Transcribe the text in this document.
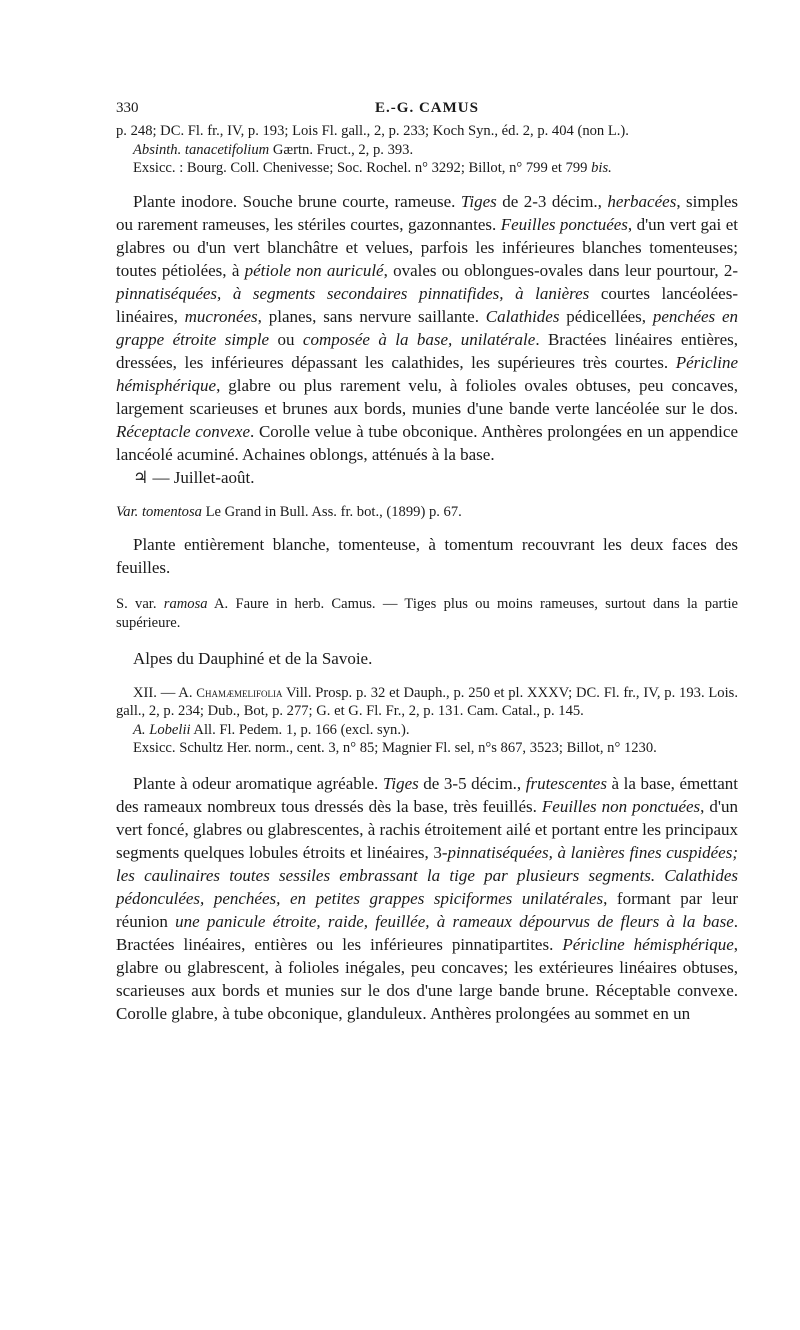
330	E.-G. CAMUS

p. 248; DC. Fl. fr., IV, p. 193; Lois Fl. gall., 2, p. 233; Koch Syn., éd. 2, p. 404 (non L.).

Absinth. tanacetifolium Gærtn. Fruct., 2, p. 393.

Exsicc. : Bourg. Coll. Chenivesse; Soc. Rochel. n° 3292; Billot, n° 799 et 799 bis.

Plante inodore. Souche brune courte, rameuse. Tiges de 2-3 décim., herbacées, simples ou rarement rameuses, les stériles courtes, gazonnantes. Feuilles ponctuées, d'un vert gai et glabres ou d'un vert blanchâtre et velues, parfois les inférieures blanches tomenteuses; toutes pétiolées, à pétiole non auriculé, ovales ou oblongues-ovales dans leur pourtour, 2-pinnatiséquées, à segments secondaires pinnatifides, à lanières courtes lancéolées-linéaires, mucronées, planes, sans nervure saillante. Calathides pédicellées, penchées en grappe étroite simple ou composée à la base, unilatérale. Bractées linéaires entières, dressées, les inférieures dépassant les calathides, les supérieures très courtes. Péricline hémisphérique, glabre ou plus rarement velu, à folioles ovales obtuses, peu concaves, largement scarieuses et brunes aux bords, munies d'une bande verte lancéolée sur le dos. Réceptacle convexe. Corolle velue à tube obconique. Anthères prolongées en un appendice lancéolé acuminé. Achaines oblongs, atténués à la base.

♃ — Juillet-août.

Var. tomentosa Le Grand in Bull. Ass. fr. bot., (1899) p. 67.

Plante entièrement blanche, tomenteuse, à tomentum recouvrant les deux faces des feuilles.

S. var. ramosa A. Faure in herb. Camus. — Tiges plus ou moins rameuses, surtout dans la partie supérieure.

Alpes du Dauphiné et de la Savoie.

XII. — A. Chamæmelifolia Vill. Prosp. p. 32 et Dauph., p. 250 et pl. XXXV; DC. Fl. fr., IV, p. 193. Lois. gall., 2, p. 234; Dub., Bot, p. 277; G. et G. Fl. Fr., 2, p. 131. Cam. Catal., p. 145.

A. Lobelii All. Fl. Pedem. 1, p. 166 (excl. syn.).

Exsicc. Schultz Her. norm., cent. 3, n° 85; Magnier Fl. sel, n°s 867, 3523; Billot, n° 1230.

Plante à odeur aromatique agréable. Tiges de 3-5 décim., frutescentes à la base, émettant des rameaux nombreux tous dressés dès la base, très feuillés. Feuilles non ponctuées, d'un vert foncé, glabres ou glabrescentes, à rachis étroitement ailé et portant entre les principaux segments quelques lobules étroits et linéaires, 3-pinnatiséquées, à lanières fines cuspidées; les caulinaires toutes sessiles embrassant la tige par plusieurs segments. Calathides pédonculées, penchées, en petites grappes spiciformes unilatérales, formant par leur réunion une panicule étroite, raide, feuillée, à rameaux dépourvus de fleurs à la base. Bractées linéaires, entières ou les inférieures pinnatipartites. Péricline hémisphérique, glabre ou glabrescent, à folioles inégales, peu concaves; les extérieures linéaires obtuses, scarieuses aux bords et munies sur le dos d'une large bande brune. Réceptable convexe. Corolle glabre, à tube obconique, glanduleux. Anthères prolongées au sommet en un
